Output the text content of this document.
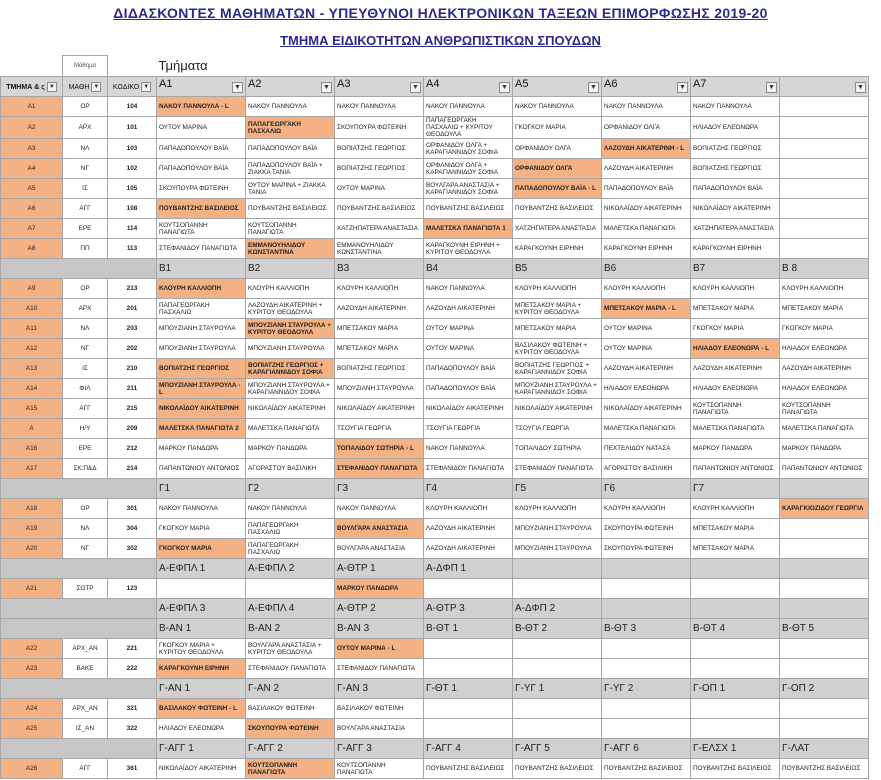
ΔΙΔΑΣΚΟΝΤΕΣ ΜΑΘΗΜΑΤΩΝ - ΥΠΕΥΘΥΝΟΙ ΗΛΕΚΤΡΟΝΙΚΩΝ ΤΑΞΕΩΝ ΕΠΙΜΟΡΦΩΣΗΣ 2019-20
ΤΜΗΜΑ ΕΙΔΙΚΟΤΗΤΩΝ ΑΝΘΡΩΠΙΣΤΙΚΩΝ ΣΠΟΥΔΩΝ
	Μάθημα		Τμήματα							
ΤΜΗΜΑ & ς ▼	ΜΑΘΗ ▼	ΚΩΔΙΚΟ ▼	A1 ▼	A2 ▼	A3 ▼	A4 ▼	A5 ▼	A6 ▼	A7 ▼	▼

A1	ΟΡ	104	ΝΑΚΟΥ ΠΑΝΝΟΥΛΑ - L	ΝΑΚΟΥ ΠΑΝΝΟΥΛΑ	ΝΑΚΟΥ ΠΑΝΝΟΥΛΑ	ΝΑΚΟΥ ΠΑΝΝΟΥΛΑ	ΝΑΚΟΥ ΠΑΝΝΟΥΛΑ	ΝΑΚΟΥ ΠΑΝΝΟΥΛΑ	ΝΑΚΟΥ ΠΑΝΝΟΥΛΑ	
A2	ΑΡΧ	101	ΟΥΤΟΥ ΜΑΡΙΝΑ	ΠΑΠΑΓΕΩΡΓΑΚΗ ΠΑΣΧΑΛΙΩ	ΣΚΟΥΠΟΥΡΑ ΦΩΤΕΙΝΗ	ΠΑΠΑΓΕΩΡΓΑΚΗ ΠΑΣΧΑΛΙΩ + ΚΥΡΙΤΟΥ ΘΕΟΔΟΥΛΑ	ΓΚΟΓΚΟΥ ΜΑΡΙΑ	ΟΡΦΑΝΙΔΟΥ ΟΛΓΑ	ΗΛΙΑΔΟΥ ΕΛΕΟΝΩΡΑ	
A3	ΝΛ	103	ΠΑΠΑΔΟΠΟΥΛΟΥ ΒΑΪΑ	ΠΑΠΑΔΟΠΟΥΛΟΥ ΒΑΪΑ	ΒΟΠΙΑΤΖΗΣ ΓΕΩΡΓΙΟΣ	ΟΡΦΑΝΙΔΟΥ ΟΛΓΑ + ΚΑΡΑΓΙΑΝΝΙΔΟΥ ΣΟΦΙΑ	ΟΡΦΑΝΙΔΟΥ ΟΛΓΑ	ΛΑΖΟΥΔΗ ΑΙΚΑΤΕΡΙΝΗ - L	ΒΟΠΙΑΤΖΗΣ ΓΕΩΡΓΙΟΣ	
A4	ΝΓ	102	ΠΑΠΑΔΟΠΟΥΛΟΥ ΒΑΪΑ	ΠΑΠΑΔΟΠΟΥΛΟΥ ΒΑΪΑ + ΖΙΑΚΚΑ ΤΑΝΙΑ	ΒΟΠΙΑΤΖΗΣ ΓΕΩΡΓΙΟΣ	ΟΡΦΑΝΙΔΟΥ ΟΛΓΑ + ΚΑΡΑΓΙΑΝΝΙΔΟΥ ΣΟΦΙΑ	ΟΡΦΑΝΙΔΟΥ ΟΛΓΑ	ΛΑΖΟΥΔΗ ΑΙΚΑΤΕΡΙΝΗ	ΒΟΠΙΑΤΖΗΣ ΓΕΩΡΓΙΟΣ	
A5	ΙΣ	105	ΣΚΟΥΠΟΥΡΑ ΦΩΤΕΙΝΗ	ΟΥΤΟΥ ΜΑΡΙΝΑ + ΖΙΑΚΚΑ ΤΑΝΙΑ	ΟΥΤΟΥ ΜΑΡΙΝΑ	ΒΟΥΛΓΑΡΑ ΑΝΑΣΤΑΣΙΑ + ΚΑΡΑΓΙΑΝΝΙΔΟΥ ΣΟΦΙΑ	ΠΑΠΑΔΟΠΟΥΛΟΥ ΒΑΪΑ - L	ΠΑΠΑΔΟΠΟΥΛΟΥ ΒΑΪΑ	ΠΑΠΑΔΟΠΟΥΛΟΥ ΒΑΪΑ	
A6	ΑΓΓ	108	ΠΟΥΒΑΝΤΖΗΣ ΒΑΣΙΛΕΙΟΣ	ΠΟΥΒΑΝΤΖΗΣ ΒΑΣΙΛΕΙΟΣ	ΠΟΥΒΑΝΤΖΗΣ ΒΑΣΙΛΕΙΟΣ	ΠΟΥΒΑΝΤΖΗΣ ΒΑΣΙΛΕΙΟΣ	ΠΟΥΒΑΝΤΖΗΣ ΒΑΣΙΛΕΙΟΣ	ΝΙΚΟΛΑΪΔΟΥ ΑΙΚΑΤΕΡΙΝΗ	ΝΙΚΟΛΑΪΔΟΥ ΑΙΚΑΤΕΡΙΝΗ	
A7	ΕΡΕ	114	ΚΟΥΤΣΟΠΑΝΝΗ ΠΑΝΑΓΙΩΤΑ	ΚΟΥΤΣΟΠΑΝΝΗ ΠΑΝΑΓΙΩΤΑ	ΧΑΤΖΗΠΑΤΕΡΑ ΑΝΑΣΤΑΣΙΑ	ΜΑΛΕΤΣΚΑ ΠΑΝΑΓΙΩΤΑ 1	ΧΑΤΖΗΠΑΤΕΡΑ ΑΝΑΣΤΑΣΙΑ	ΜΑΛΕΤΣΚΑ ΠΑΝΑΓΙΩΤΑ	ΧΑΤΖΗΠΑΤΕΡΑ ΑΝΑΣΤΑΣΙΑ	
A8	ΠΠ	113	ΣΤΕΦΑΝΙΔΟΥ ΠΑΝΑΓΙΩΤΑ	ΕΜΜΑΝΟΥΗΛΙΔΟΥ ΚΩΝΣΤΑΝΤΙΝΑ	ΕΜΜΑΝΟΥΗΛΙΔΟΥ ΚΩΝΣΤΑΝΤΙΝΑ	ΚΑΡΑΓΚΟΥΝΗ ΕΙΡΗΝΗ + ΚΥΡΙΤΟΥ ΘΕΟΔΟΥΛΑ	ΚΑΡΑΓΚΟΥΝΗ ΕΙΡΗΝΗ	ΚΑΡΑΓΚΟΥΝΗ ΕΙΡΗΝΗ	ΚΑΡΑΓΚΟΥΝΗ ΕΙΡΗΝΗ	
			B1	B2	B3	B4	B5	B6	B7	B 8
A9	ΟΡ	213	ΚΛΟΥΡΗ ΚΑΛΛΙΟΠΗ	ΚΛΟΥΡΗ ΚΑΛΛΙΟΠΗ	ΚΛΟΥΡΗ ΚΑΛΛΙΟΠΗ	ΝΑΚΟΥ ΠΑΝΝΟΥΛΑ	ΚΛΟΥΡΗ ΚΑΛΛΙΟΠΗ	ΚΛΟΥΡΗ ΚΑΛΛΙΟΠΗ	ΚΛΟΥΡΗ ΚΑΛΛΙΟΠΗ	ΚΛΟΥΡΗ ΚΑΛΛΙΟΠΗ
A10	ΑΡΧ	201	ΠΑΠΑΓΕΩΡΓΑΚΗ ΠΑΣΧΑΛΙΩ	ΛΑΖΟΥΔΗ ΑΙΚΑΤΕΡΙΝΗ + ΚΥΡΙΤΟΥ ΘΕΟΔΟΥΛΑ	ΛΑΖΟΥΔΗ ΑΙΚΑΤΕΡΙΝΗ	ΛΑΖΟΥΔΗ ΑΙΚΑΤΕΡΙΝΗ	ΜΠΕΤΣΑΚΟΥ ΜΑΡΙΑ + ΚΥΡΙΤΟΥ ΘΕΟΔΟΥΛΑ	ΜΠΕΤΣΑΚΟΥ ΜΑΡΙΑ - L	ΜΠΕΤΣΑΚΟΥ ΜΑΡΙΑ	ΜΠΕΤΣΑΚΟΥ ΜΑΡΙΑ
A11	ΝΛ	203	ΜΠΟΥΖΙΑΝΗ ΣΤΑΥΡΟΥΛΑ	ΜΠΟΥΖΙΑΝΗ ΣΤΑΥΡΟΥΛΑ + ΚΥΡΙΤΟΥ ΘΕΟΔΟΥΛΑ	ΜΠΕΤΣΑΚΟΥ ΜΑΡΙΑ	ΟΥΤΟΥ ΜΑΡΙΝΑ	ΜΠΕΤΣΑΚΟΥ ΜΑΡΙΑ	ΟΥΤΟΥ ΜΑΡΙΝΑ	ΓΚΟΓΚΟΥ ΜΑΡΙΑ	ΓΚΟΓΚΟΥ ΜΑΡΙΑ
A12	ΝΓ	202	ΜΠΟΥΖΙΑΝΗ ΣΤΑΥΡΟΥΛΑ	ΜΠΟΥΖΙΑΝΗ ΣΤΑΥΡΟΥΛΑ	ΜΠΕΤΣΑΚΟΥ ΜΑΡΙΑ	ΟΥΤΟΥ ΜΑΡΙΝΑ	ΒΑΣΙΛΑΚΟΥ ΦΩΤΕΙΝΗ + ΚΥΡΙΤΟΥ ΘΕΟΔΟΥΛΑ	ΟΥΤΟΥ ΜΑΡΙΝΑ	ΗΛΙΑΔΟΥ ΕΛΕΟΝΩΡΑ - L	ΗΛΙΑΔΟΥ ΕΛΕΟΝΩΡΑ
A13	ΙΣ	210	ΒΟΠΙΑΤΖΗΣ ΓΕΩΡΓΙΟΣ	ΒΟΠΙΑΤΖΗΣ ΓΕΩΡΓΙΟΣ + ΚΑΡΑΓΙΑΝΝΙΔΟΥ ΣΟΦΙΑ	ΒΟΠΙΑΤΖΗΣ ΓΕΩΡΓΙΟΣ	ΠΑΠΑΔΟΠΟΥΛΟΥ ΒΑΪΑ	ΒΟΠΙΑΤΖΗΣ ΓΕΩΡΓΙΟΣ + ΚΑΡΑΓΙΑΝΝΙΔΟΥ ΣΟΦΙΑ	ΛΑΖΟΥΔΗ ΑΙΚΑΤΕΡΙΝΗ	ΛΑΖΟΥΔΗ ΑΙΚΑΤΕΡΙΝΗ	ΛΑΖΟΥΔΗ ΑΙΚΑΤΕΡΙΝΗ
A14	ΦΙΛ	211	ΜΠΟΥΖΙΑΝΗ ΣΤΑΥΡΟΥΛΑ - L	ΜΠΟΥΖΙΑΝΗ ΣΤΑΥΡΟΥΛΑ + ΚΑΡΑΓΙΑΝΝΙΔΟΥ ΣΟΦΙΑ	ΜΠΟΥΖΙΑΝΗ ΣΤΑΥΡΟΥΛΑ	ΠΑΠΑΔΟΠΟΥΛΟΥ ΒΑΪΑ	ΜΠΟΥΖΙΑΝΗ ΣΤΑΥΡΟΥΛΑ + ΚΑΡΑΓΙΑΝΝΙΔΟΥ ΣΟΦΙΑ	ΗΛΙΑΔΟΥ ΕΛΕΟΝΩΡΑ	ΗΛΙΑΔΟΥ ΕΛΕΟΝΩΡΑ	ΗΛΙΑΔΟΥ ΕΛΕΟΝΩΡΑ
A15	ΑΓΓ	215	ΝΙΚΟΛΑΪΔΟΥ ΑΙΚΑΤΕΡΙΝΗ	ΝΙΚΟΛΑΪΔΟΥ ΑΙΚΑΤΕΡΙΝΗ	ΝΙΚΟΛΑΪΔΟΥ ΑΙΚΑΤΕΡΙΝΗ	ΝΙΚΟΛΑΪΔΟΥ ΑΙΚΑΤΕΡΙΝΗ	ΝΙΚΟΛΑΪΔΟΥ ΑΙΚΑΤΕΡΙΝΗ	ΝΙΚΟΛΑΪΔΟΥ ΑΙΚΑΤΕΡΙΝΗ	ΚΟΥΤΣΟΠΑΝΝΗ ΠΑΝΑΓΙΩΤΑ	ΚΟΥΤΣΟΠΑΝΝΗ ΠΑΝΑΓΙΩΤΑ
A	Η/Υ	209	ΜΑΛΕΤΣΚΑ ΠΑΝΑΓΙΩΤΑ 2	ΜΑΛΕΤΣΚΑ ΠΑΝΑΓΙΩΤΑ	ΤΣΟΥΓΙΑ ΓΕΩΡΓΙΑ	ΤΣΟΥΓΙΑ ΓΕΩΡΓΙΑ	ΤΣΟΥΓΙΑ ΓΕΩΡΓΙΑ	ΜΑΛΕΤΣΚΑ ΠΑΝΑΓΙΩΤΑ	ΜΑΛΕΤΣΚΑ ΠΑΝΑΓΙΩΤΑ	ΜΑΛΕΤΣΚΑ ΠΑΝΑΓΙΩΤΑ
A16	ΕΡΕ	212	ΜΑΡΚΟΥ ΠΑΝΔΩΡΑ	ΜΑΡΚΟΥ ΠΑΝΔΩΡΑ	ΤΟΠΑΛΙΔΟΥ ΣΩΤΗΡΙΑ - L	ΝΑΚΟΥ ΠΑΝΝΟΥΛΑ	ΤΟΠΑΛΙΔΟΥ ΣΩΤΗΡΙΑ	ΠΕΧΤΕΛΙΔΟΥ ΝΑΤΑΣΑ	ΜΑΡΚΟΥ ΠΑΝΔΩΡΑ	ΜΑΡΚΟΥ ΠΑΝΔΩΡΑ
A17	ΣΚ:Π&Δ	214	ΠΑΠΑΝΤΩΝΙΟΥ ΑΝΤΩΝΙΟΣ	ΑΓΟΡΑΣΤΟΥ ΒΑΣΙΛΙΚΗ	ΣΤΕΦΑΝΙΔΟΥ ΠΑΝΑΓΙΩΤΑ	ΣΤΕΦΑΝΙΔΟΥ ΠΑΝΑΓΙΩΤΑ	ΣΤΕΦΑΝΙΔΟΥ ΠΑΝΑΓΙΩΤΑ	ΑΓΟΡΑΣΤΟΥ ΒΑΣΙΛΙΚΗ	ΠΑΠΑΝΤΩΝΙΟΥ ΑΝΤΩΝΙΟΣ	ΠΑΠΑΝΤΩΝΙΟΥ ΑΝΤΩΝΙΟΣ
			Γ1	Γ2	Γ3	Γ4	Γ5	Γ6	Γ7	
A18	ΟΡ	301	ΝΑΚΟΥ ΠΑΝΝΟΥΛΑ	ΝΑΚΟΥ ΠΑΝΝΟΥΛΑ	ΝΑΚΟΥ ΠΑΝΝΟΥΛΑ	ΚΛΟΥΡΗ ΚΑΛΛΙΟΠΗ	ΚΛΟΥΡΗ ΚΑΛΛΙΟΠΗ	ΚΛΟΥΡΗ ΚΑΛΛΙΟΠΗ	ΚΛΟΥΡΗ ΚΑΛΛΙΟΠΗ	ΚΑΡΑΓΚΙΟΖΙΔΟΥ ΓΕΩΡΓΙΑ
A19	ΝΛ	304	ΓΚΟΓΚΟΥ ΜΑΡΙΑ	ΠΑΠΑΓΕΩΡΓΑΚΗ ΠΑΣΧΑΛΙΩ	ΒΟΥΛΓΑΡΑ ΑΝΑΣΤΑΣΙΑ	ΛΑΖΟΥΔΗ ΑΙΚΑΤΕΡΙΝΗ	ΜΠΟΥΖΙΑΝΗ ΣΤΑΥΡΟΥΛΑ	ΣΚΟΥΠΟΥΡΑ ΦΩΤΕΙΝΗ	ΜΠΕΤΣΑΚΟΥ ΜΑΡΙΑ	
A20	ΝΓ	302	ΓΚΟΓΚΟΥ ΜΑΡΙΑ	ΠΑΠΑΓΕΩΡΓΑΚΗ ΠΑΣΧΑΛΙΩ	ΒΟΥΛΓΑΡΑ ΑΝΑΣΤΑΣΙΑ	ΛΑΖΟΥΔΗ ΑΙΚΑΤΕΡΙΝΗ	ΜΠΟΥΖΙΑΝΗ ΣΤΑΥΡΟΥΛΑ	ΣΚΟΥΠΟΥΡΑ ΦΩΤΕΙΝΗ	ΜΠΕΤΣΑΚΟΥ ΜΑΡΙΑ	
			Α-ΕΦΠΛ 1	Α-ΕΦΠΛ 2	Α-ΘΤΡ 1	Α-ΔΦΠ 1				
A21	ΣΟΤΡ	123			ΜΑΡΚΟΥ ΠΑΝΔΩΡΑ					
			Α-ΕΦΠΛ 3	Α-ΕΦΠΛ 4	Α-ΘΤΡ 2	Α-ΘΤΡ 3	Α-ΔΦΠ 2			
			B-AN 1	B-AN 2	B-AN 3	B-ΘΤ 1	B-ΘΤ 2	B-ΘΤ 3	B-ΘΤ 4	B-ΘΤ 5
A22	ΑΡΧ_ΑΝ	221	ΓΚΟΓΚΟΥ ΜΑΡΙΑ + ΚΥΡΙΤΟΥ ΘΕΟΔΟΥΛΑ	ΒΟΥΛΓΑΡΑ ΑΝΑΣΤΑΣΙΑ + ΚΥΡΙΤΟΥ ΘΕΟΔΟΥΛΑ	ΟΥΤΟΥ ΜΑΡΙΝΑ - L					
A23	ΒΑΚΕ	222	ΚΑΡΑΓΚΟΥΝΗ ΕΙΡΗΝΗ	ΣΤΕΦΑΝΙΔΟΥ ΠΑΝΑΓΙΩΤΑ	ΣΤΕΦΑΝΙΔΟΥ ΠΑΝΑΓΙΩΤΑ					
			Γ-ΑΝ 1	Γ-ΑΝ 2	Γ-ΑΝ 3	Γ-ΘΤ 1	Γ-ΥΓ 1	Γ-ΥΓ 2	Γ-ΟΠ 1	Γ-ΟΠ 2
A24	ΑΡΧ_ΑΝ	321	ΒΑΣΙΛΑΚΟΥ ΦΩΤΕΙΝΗ - L	ΒΑΣΙΛΑΚΟΥ ΦΩΤΕΙΝΗ	ΒΑΣΙΛΑΚΟΥ ΦΩΤΕΙΝΗ					
A25	ΙΣ_ΑΝ	322	ΗΛΙΑΔΟΥ ΕΛΕΟΝΩΡΑ	ΣΚΟΥΠΟΥΡΑ ΦΩΤΕΙΝΗ	ΒΟΥΛΓΑΡΑ ΑΝΑΣΤΑΣΙΑ					
			Γ-ΑΓΓ 1	Γ-ΑΓΓ 2	Γ-ΑΓΓ 3	Γ-ΑΓΓ 4	Γ-ΑΓΓ 5	Γ-ΑΓΓ 6	Γ-ΕΛΣΧ 1	Γ-ΛΑΤ
A26	ΑΓΓ	361	ΝΙΚΟΛΑΪΔΟΥ ΑΙΚΑΤΕΡΙΝΗ	ΚΟΥΤΣΟΠΑΝΝΗ ΠΑΝΑΓΙΩΤΑ	ΚΟΥΤΣΟΠΑΝΝΗ ΠΑΝΑΓΙΩΤΑ	ΠΟΥΒΑΝΤΖΗΣ ΒΑΣΙΛΕΙΟΣ	ΠΟΥΒΑΝΤΖΗΣ ΒΑΣΙΛΕΙΟΣ	ΠΟΥΒΑΝΤΖΗΣ ΒΑΣΙΛΕΙΟΣ	ΠΟΥΒΑΝΤΖΗΣ ΒΑΣΙΛΕΙΟΣ	ΠΟΥΒΑΝΤΖΗΣ ΒΑΣΙΛΕΙΟΣ
